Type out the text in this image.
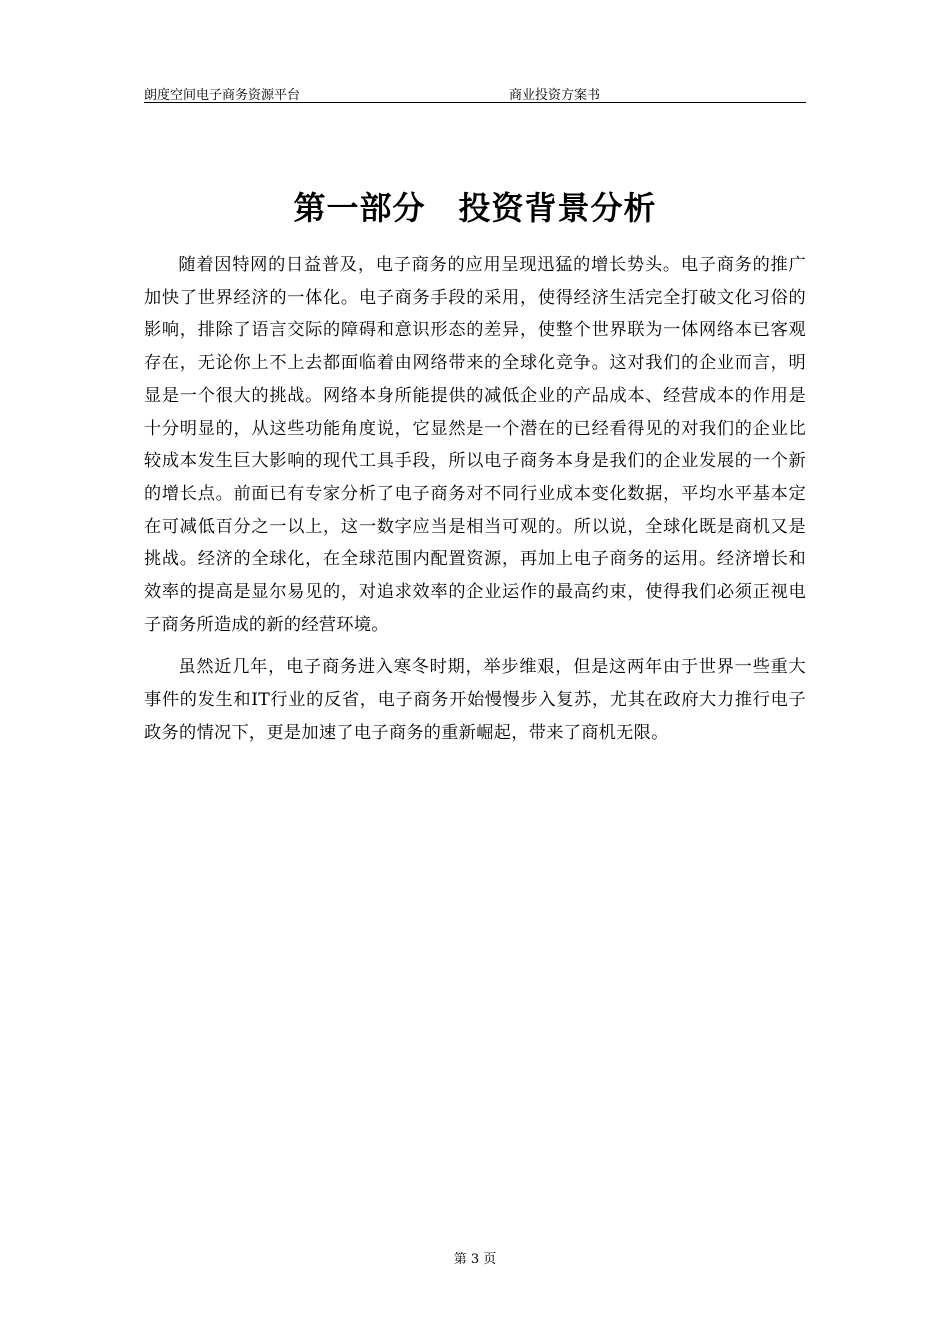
朗度空间电子商务资源平台	商业投资方案书
第一部分　投资背景分析

随着因特网的日益普及，电子商务的应用呈现迅猛的增长势头。电子商务的推广加快了世界经济的一体化。电子商务手段的采用，使得经济生活完全打破文化习俗的影响，排除了语言交际的障碍和意识形态的差异，使整个世界联为一体网络本已客观存在，无论你上不上去都面临着由网络带来的全球化竞争。这对我们的企业而言，明显是一个很大的挑战。网络本身所能提供的减低企业的产品成本、经营成本的作用是十分明显的，从这些功能角度说，它显然是一个潜在的已经看得见的对我们的企业比较成本发生巨大影响的现代工具手段，所以电子商务本身是我们的企业发展的一个新的增长点。前面已有专家分析了电子商务对不同行业成本变化数据，平均水平基本定在可减低百分之一以上，这一数字应当是相当可观的。所以说，全球化既是商机又是挑战。经济的全球化，在全球范围内配置资源，再加上电子商务的运用。经济增长和效率的提高是显尔易见的，对追求效率的企业运作的最高约束，使得我们必须正视电子商务所造成的新的经营环境。

虽然近几年，电子商务进入寒冬时期，举步维艰，但是这两年由于世界一些重大事件的发生和IT行业的反省，电子商务开始慢慢步入复苏，尤其在政府大力推行电子政务的情况下，更是加速了电子商务的重新崛起，带来了商机无限。

第 3 页
